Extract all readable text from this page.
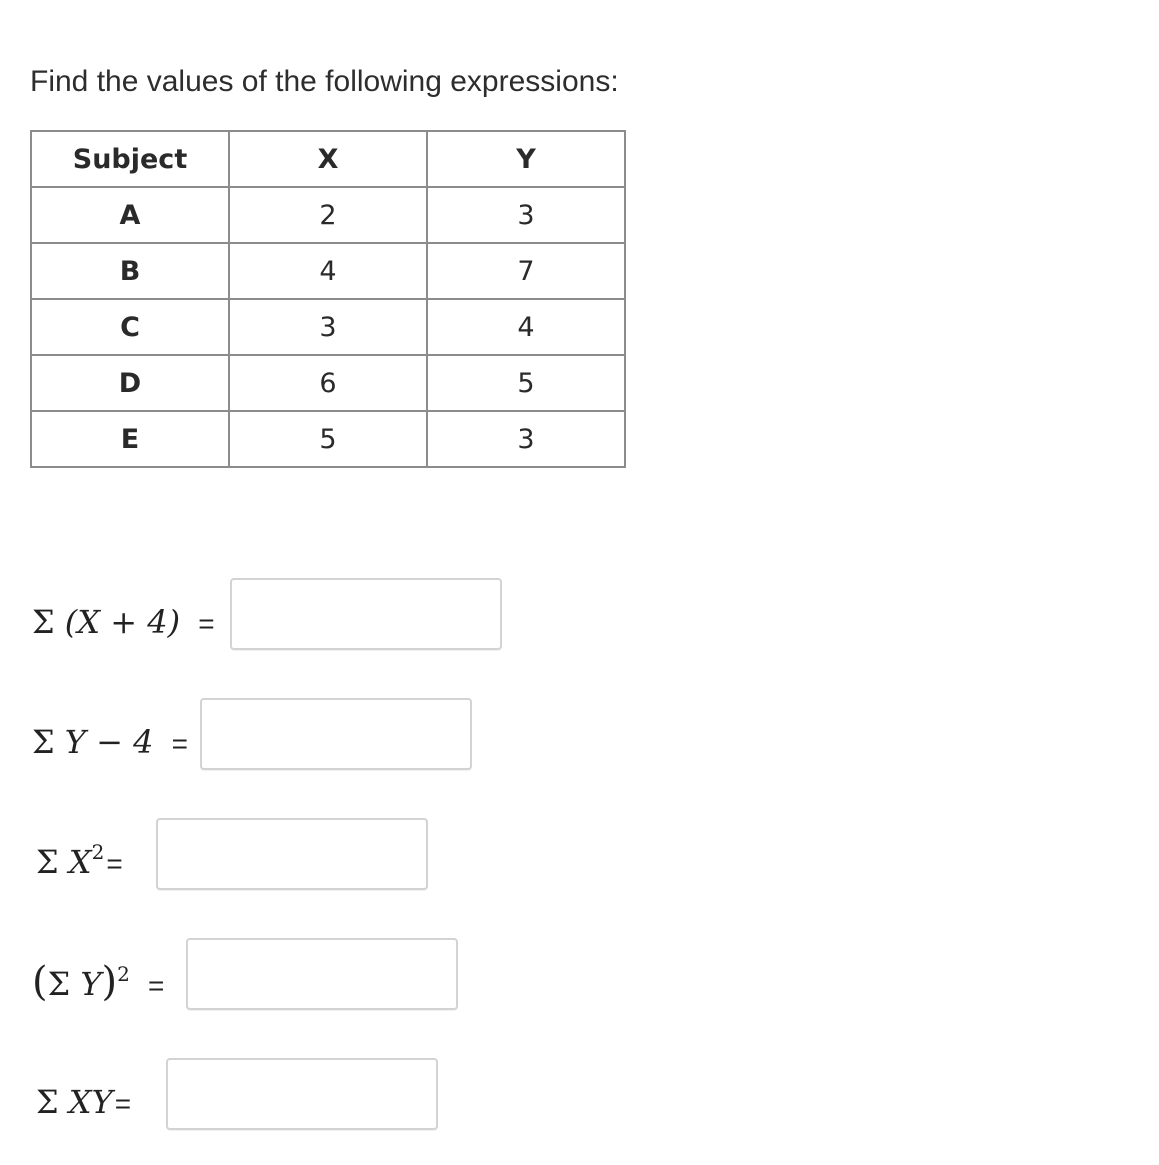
Find the values of the following expressions:
Subject	X	Y
A	2	3
B	4	7
C	3	4
D	6	5
E	5	3
Σ (X + 4) =
Σ Y − 4 =
Σ $X^2=$
(Σ Y)$^2$ =
Σ XY=
